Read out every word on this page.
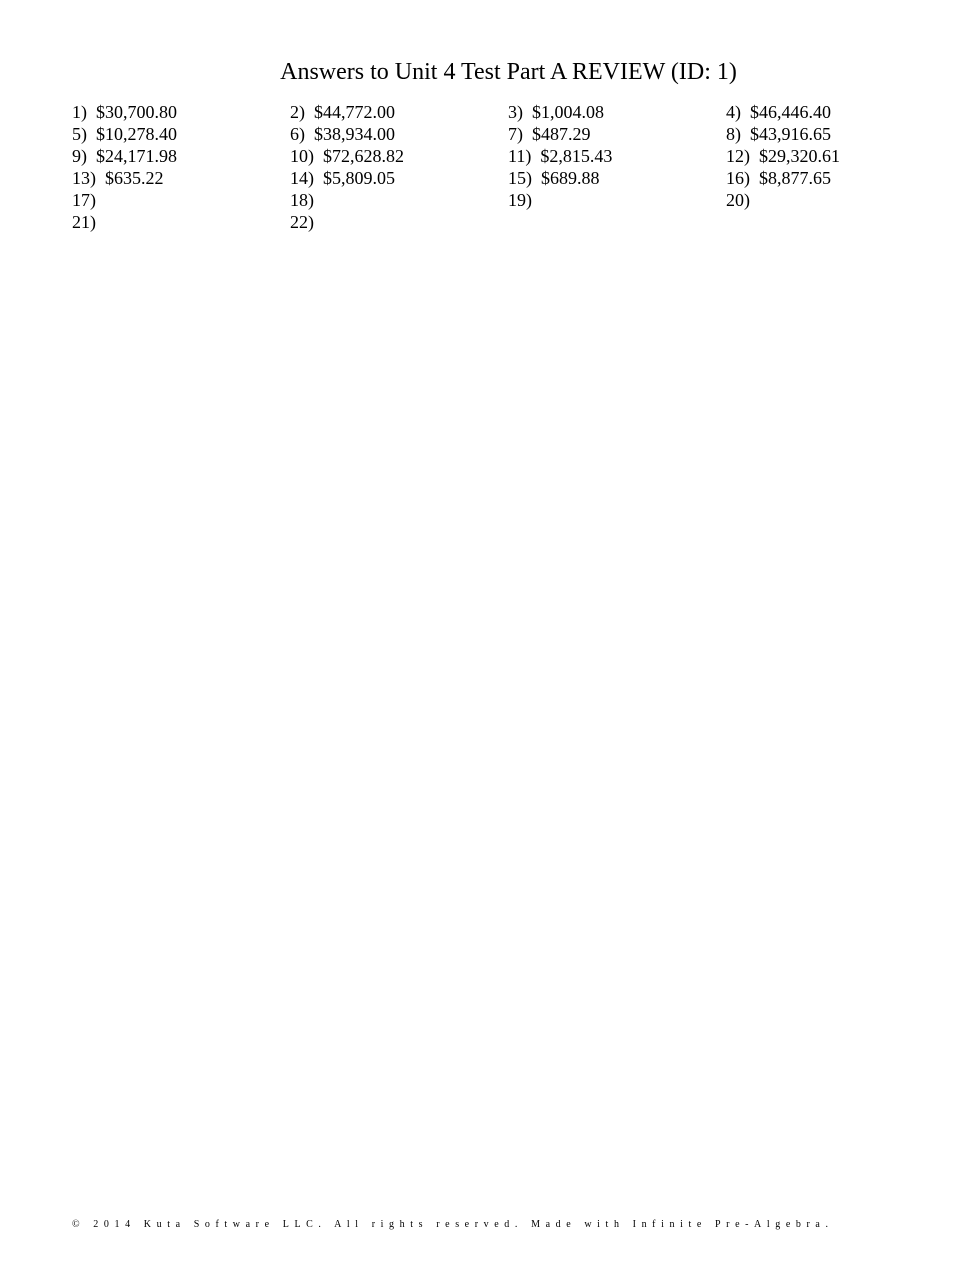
Answers to Unit 4 Test Part A REVIEW (ID: 1)
1)  $30,700.80	2)  $44,772.00	3)  $1,004.08	4)  $46,446.40
5)  $10,278.40	6)  $38,934.00	7)  $487.29	8)  $43,916.65
9)  $24,171.98	10)  $72,628.82	11)  $2,815.43	12)  $29,320.61
13)  $635.22	14)  $5,809.05	15)  $689.88	16)  $8,877.65
17)	18)	19)	20)
21)	22)
© 2014 Kuta Software LLC. All rights reserved. Made with Infinite Pre-Algebra.
